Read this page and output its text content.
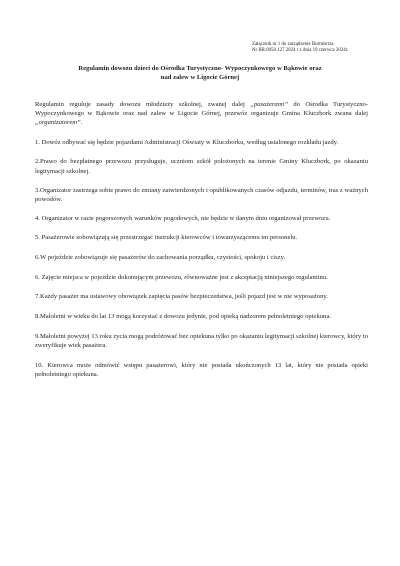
Załącznik nr 1 do zarządzenie Burmistrza
Nr BR.0050.127.2024 r z dnia 19 czerwca 2024r.
Regulamin dowozu dzieci do Ośrodka Turystyczno- Wypoczynkowego w Bąkowie oraz
nad zalew w Ligocie Górnej

Regulamin reguluje zasady dowozu młodzieży szkolnej, zwanej dalej „pasażerami” do Ośrodka Turystyczno- Wypoczynkowego w Bąkowie oraz nad zalew w Ligocie Górnej, przewóz organizuje Gmina Kluczbork zwana dalej „organizatorem”.

1. Dowóz odbywać się będzie pojazdami Administracji Oświaty w Kluczborku, według ustalonego rozkładu jazdy.

2.Prawo do bezpłatnego przewozu przysługuje, uczniom szkół położonych na terenie Gminy Kluczbork, po okazaniu legitymacji szkolnej.

3.Organizator zastrzega sobie prawo do zmiany zatwierdzonych i opublikowanych czasów odjazdu, terminów, tras z ważnych powodów.

4. Organizator w razie pogorszonych warunków pogodowych, nie będzie w danym dniu organizował przewozu.

5. Pasażerowie zobowiązują się przestrzegać instrukcji kierowców i towarzyszącemu im personelu.

6.W pojeździe zobowiązuje się pasażerów do zachowania porządku, czystości, spokoju i ciszy.

6. Zajęcie miejsca w pojeździe dokonującym przewozu, równoważne jest z akceptacją niniejszego regulaminu.

7.Każdy pasażer ma ustawowy obowiązek zapięcia pasów bezpieczeństwa, jeśli pojazd jest w nie wyposażony.

8.Małoletni w wieku do lat 13 mogą korzystać z dowozu jedynie, pod opieką nadzorem pełnoletniego opiekuna.

9.Małoletni powyżej 13 roku życia mogą podróżować bez opiekuna tylko po okazaniu legitymacji szkolnej kierowcy, który to zweryfikuje wiek pasażera.

10. Kierowca może odmówić wstępu pasażerowi, który nie posiada ukończonych 13 lat, który nie posiada opieki pełnoletniego opiekuna.
